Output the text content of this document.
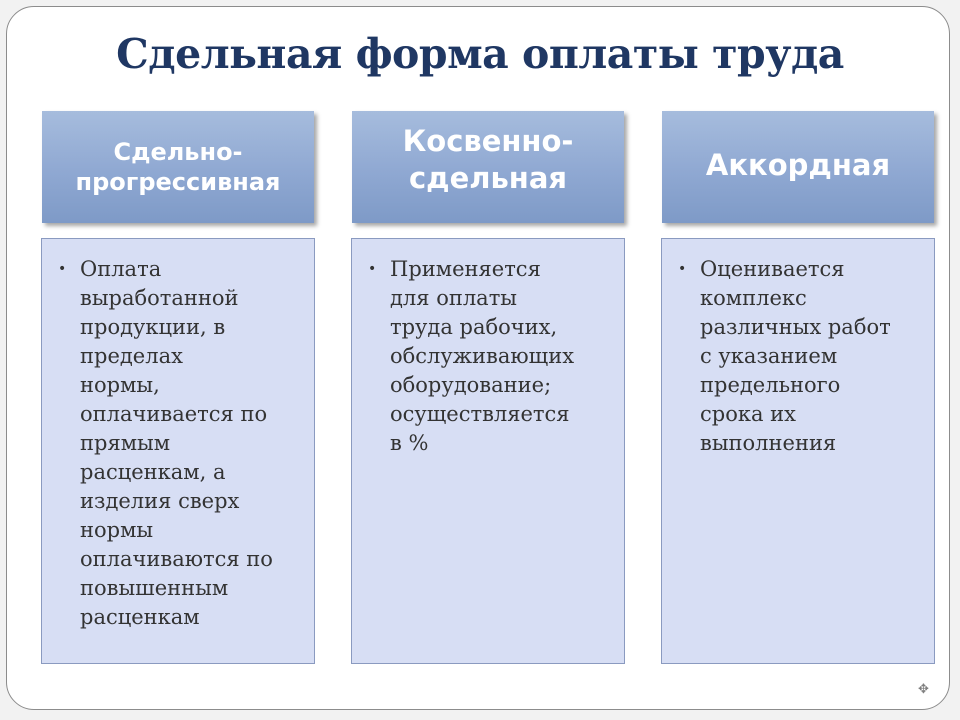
Сдельная форма оплаты труда
Сдельно-
прогрессивная
Косвенно-
сдельная	Аккордная
• Оплата
выработанной
продукции, в
пределах
нормы,
оплачивается по
прямым
расценкам, а
изделия сверх
нормы
оплачиваются по
повышенным
расценкам
• Применяется
для оплаты
труда рабочих,
обслуживающих
оборудование;
осуществляется
в %
• Оценивается
комплекс
различных работ
с указанием
предельного
срока их
выполнения
✥
